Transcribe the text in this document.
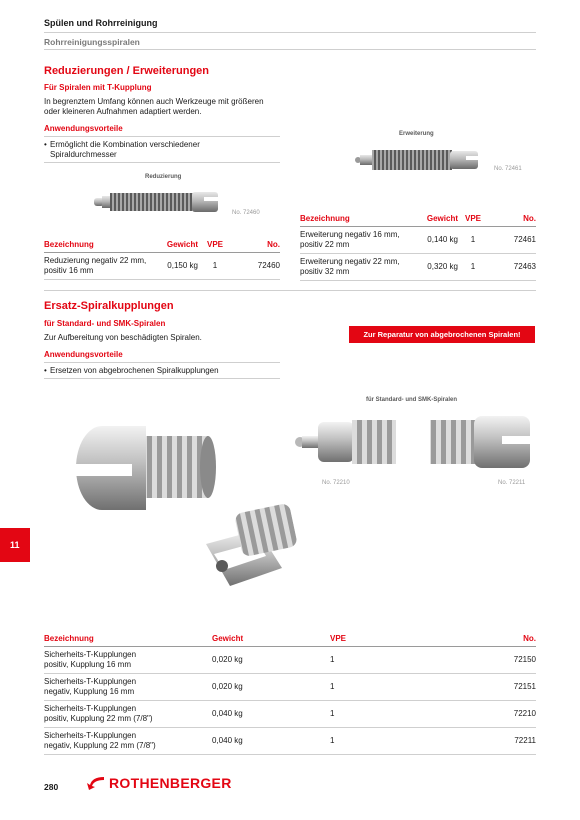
Spülen und Rohrreinigung
Rohrreinigungsspiralen
Reduzierungen / Erweiterungen
Für Spiralen mit T-Kupplung
In begrenztem Umfang können auch Werkzeuge mit größeren
oder kleineren Aufnahmen adaptiert werden.
Anwendungsvorteile
• Ermöglicht die Kombination verschiedener
Spiraldurchmesser
Reduzierung
No. 72460
Erweiterung
No. 72461
Bezeichnung	Gewicht	VPE	No.

Reduzierung negativ 22 mm,
positiv 16 mm	0,150 kg	1	72460
Bezeichnung	Gewicht	VPE	No.

Erweiterung negativ 16 mm,
positiv 22 mm	0,140 kg	1	72461

Erweiterung negativ 22 mm,
positiv 32 mm	0,320 kg	1	72463
Ersatz-Spiralkupplungen
für Standard- und SMK-Spiralen
Zur Aufbereitung von beschädigten Spiralen.
Anwendungsvorteile
• Ersetzen von abgebrochenen Spiralkupplungen
Zur Reparatur von abgebrochenen Spiralen!
für Standard- und SMK-Spiralen
No. 72210	No. 72211
Bezeichnung	Gewicht	VPE	No.

Sicherheits-T-Kupplungen
positiv, Kupplung 16 mm	0,020 kg	1	72150

Sicherheits-T-Kupplungen
negativ, Kupplung 16 mm	0,020 kg	1	72151

Sicherheits-T-Kupplungen
positiv, Kupplung 22 mm (7/8")	0,040 kg	1	72210

Sicherheits-T-Kupplungen
negativ, Kupplung 22 mm (7/8")	0,040 kg	1	72211
11
280	ROTHENBERGER
